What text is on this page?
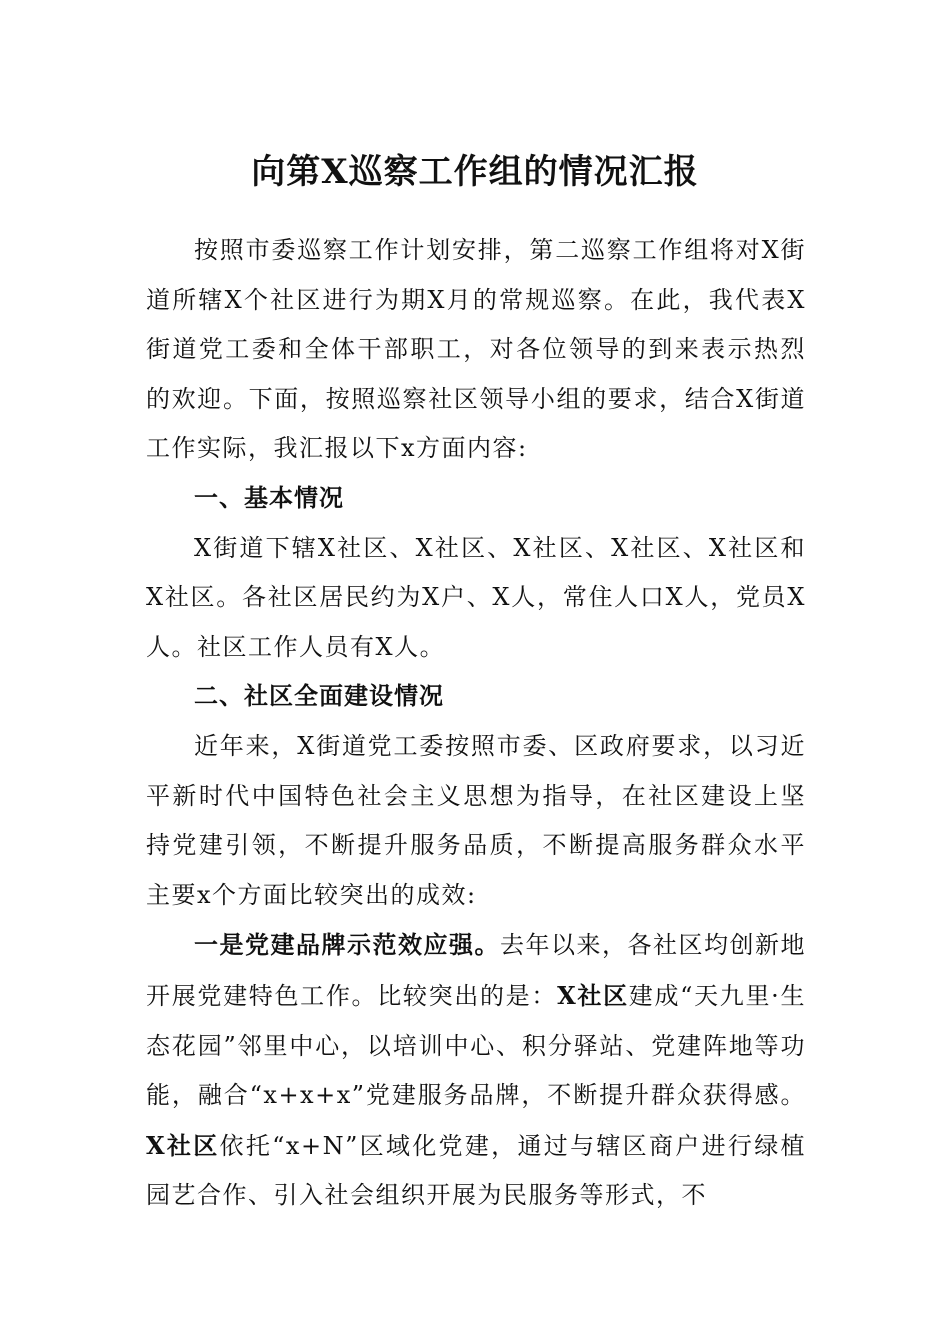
向第X巡察工作组的情况汇报

按照市委巡察工作计划安排，第二巡察工作组将对X街道所辖X个社区进行为期X月的常规巡察。在此，我代表X街道党工委和全体干部职工，对各位领导的到来表示热烈的欢迎。下面，按照巡察社区领导小组的要求，结合X街道工作实际，我汇报以下x方面内容:

一、基本情况

X街道下辖X社区、X社区、X社区、X社区、X社区和X社区。各社区居民约为X户、X人，常住人口X人，党员X人。社区工作人员有X人。

二、社区全面建设情况

近年来，X街道党工委按照市委、区政府要求，以习近平新时代中国特色社会主义思想为指导，在社区建设上坚持党建引领，不断提升服务品质，不断提高服务群众水平主要x个方面比较突出的成效:

一是党建品牌示范效应强。去年以来，各社区均创新地开展党建特色工作。比较突出的是：X社区建成“天九里·生态花园”邻里中心，以培训中心、积分驿站、党建阵地等功能，融合“x+x+x”党建服务品牌，不断提升群众获得感。X社区依托“x+N”区域化党建，通过与辖区商户进行绿植园艺合作、引入社会组织开展为民服务等形式，不
